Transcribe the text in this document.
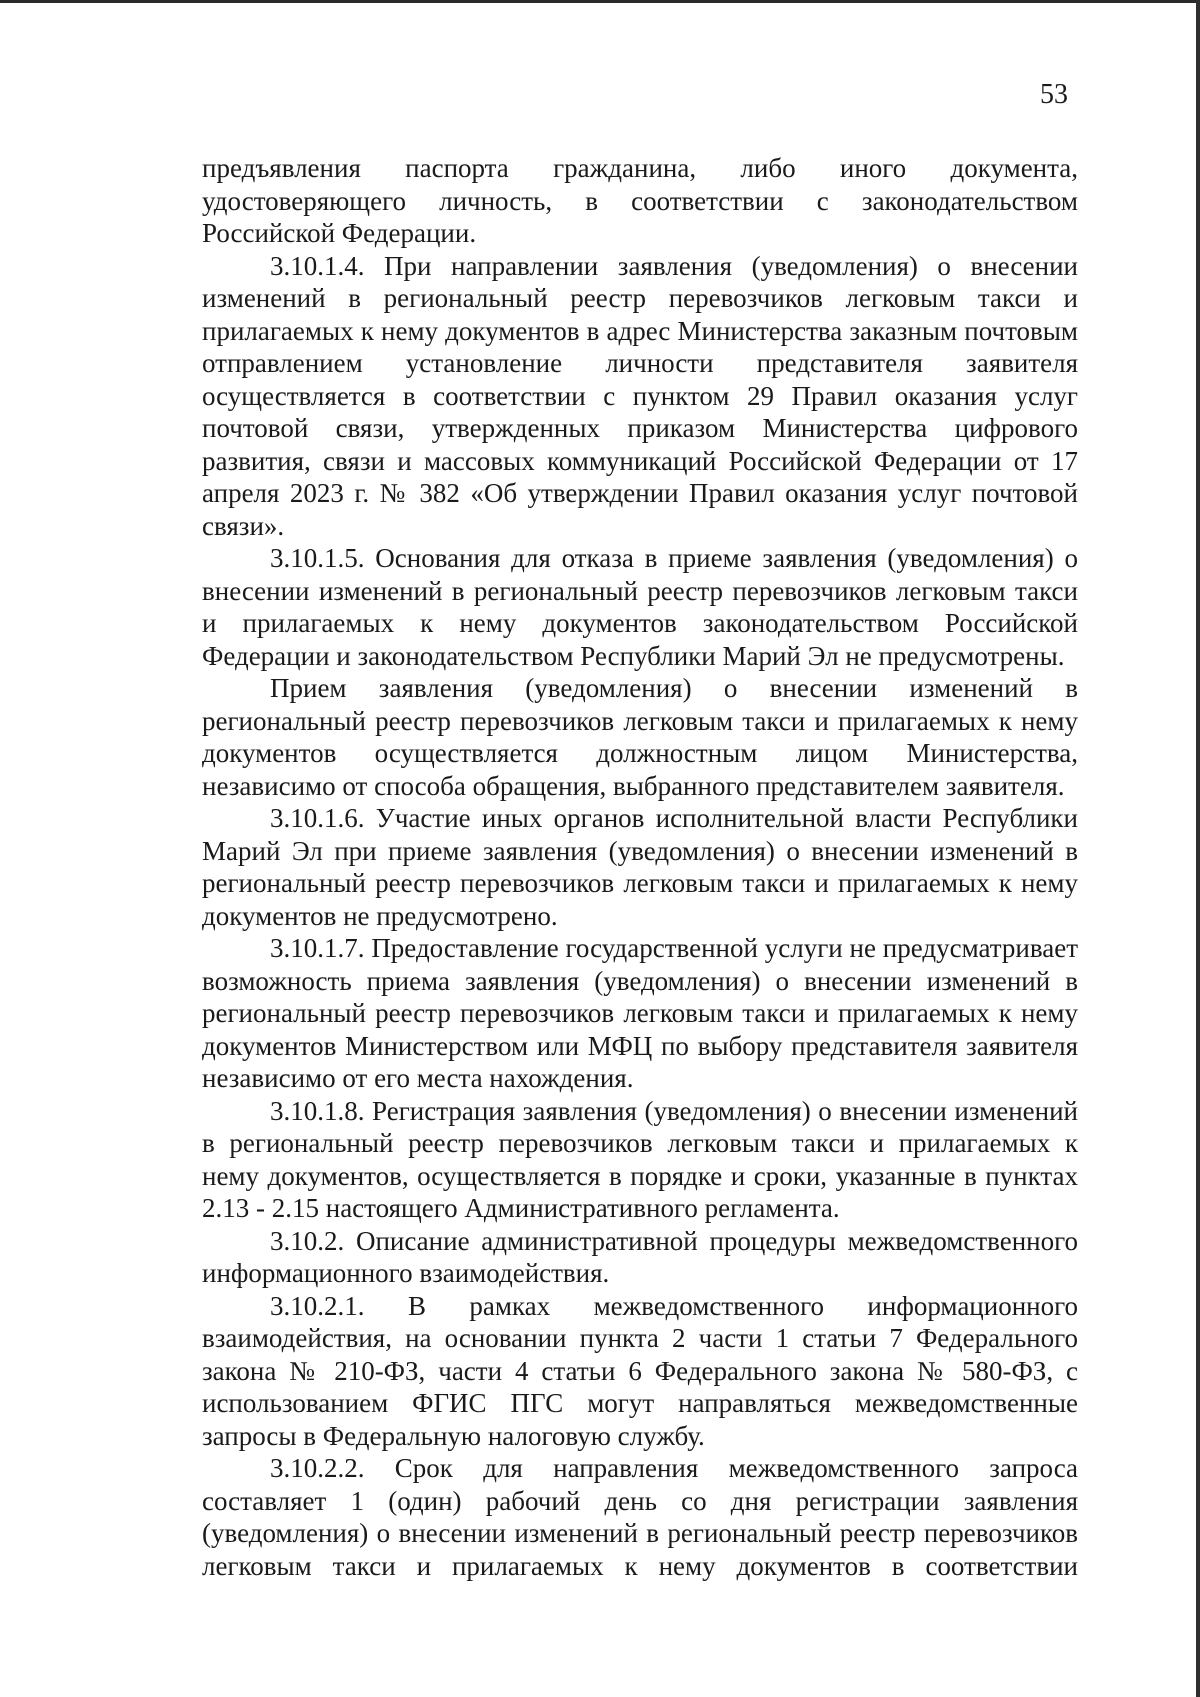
53

предъявления паспорта гражданина, либо иного документа, удостоверяющего личность, в соответствии с законодательством Российской Федерации.

3.10.1.4. При направлении заявления (уведомления) о внесении изменений в региональный реестр перевозчиков легковым такси и прилагаемых к нему документов в адрес Министерства заказным почтовым отправлением установление личности представителя заявителя осуществляется в соответствии с пунктом 29 Правил оказания услуг почтовой связи, утвержденных приказом Министерства цифрового развития, связи и массовых коммуникаций Российской Федерации от 17 апреля 2023 г. № 382 «Об утверждении Правил оказания услуг почтовой связи».

3.10.1.5. Основания для отказа в приеме заявления (уведомления) о внесении изменений в региональный реестр перевозчиков легковым такси и прилагаемых к нему документов законодательством Российской Федерации и законодательством Республики Марий Эл не предусмотрены.

Прием заявления (уведомления) о внесении изменений в региональный реестр перевозчиков легковым такси и прилагаемых к нему документов осуществляется должностным лицом Министерства, независимо от способа обращения, выбранного представителем заявителя.

3.10.1.6. Участие иных органов исполнительной власти Республики Марий Эл при приеме заявления (уведомления) о внесении изменений в региональный реестр перевозчиков легковым такси и прилагаемых к нему документов не предусмотрено.

3.10.1.7. Предоставление государственной услуги не предусматривает возможность приема заявления (уведомления) о внесении изменений в региональный реестр перевозчиков легковым такси и прилагаемых к нему документов Министерством или МФЦ по выбору представителя заявителя независимо от его места нахождения.

3.10.1.8. Регистрация заявления (уведомления) о внесении изменений в региональный реестр перевозчиков легковым такси и прилагаемых к нему документов, осуществляется в порядке и сроки, указанные в пунктах 2.13 - 2.15 настоящего Административного регламента.

3.10.2. Описание административной процедуры межведомственного информационного взаимодействия.

3.10.2.1. В рамках межведомственного информационного взаимодействия, на основании пункта 2 части 1 статьи 7 Федерального закона № 210-ФЗ, части 4 статьи 6 Федерального закона № 580-ФЗ, с использованием ФГИС ПГС могут направляться межведомственные запросы в Федеральную налоговую службу.

3.10.2.2. Срок для направления межведомственного запроса составляет 1 (один) рабочий день со дня регистрации заявления (уведомления) о внесении изменений в региональный реестр перевозчиков легковым такси и прилагаемых к нему документов в соответствии
